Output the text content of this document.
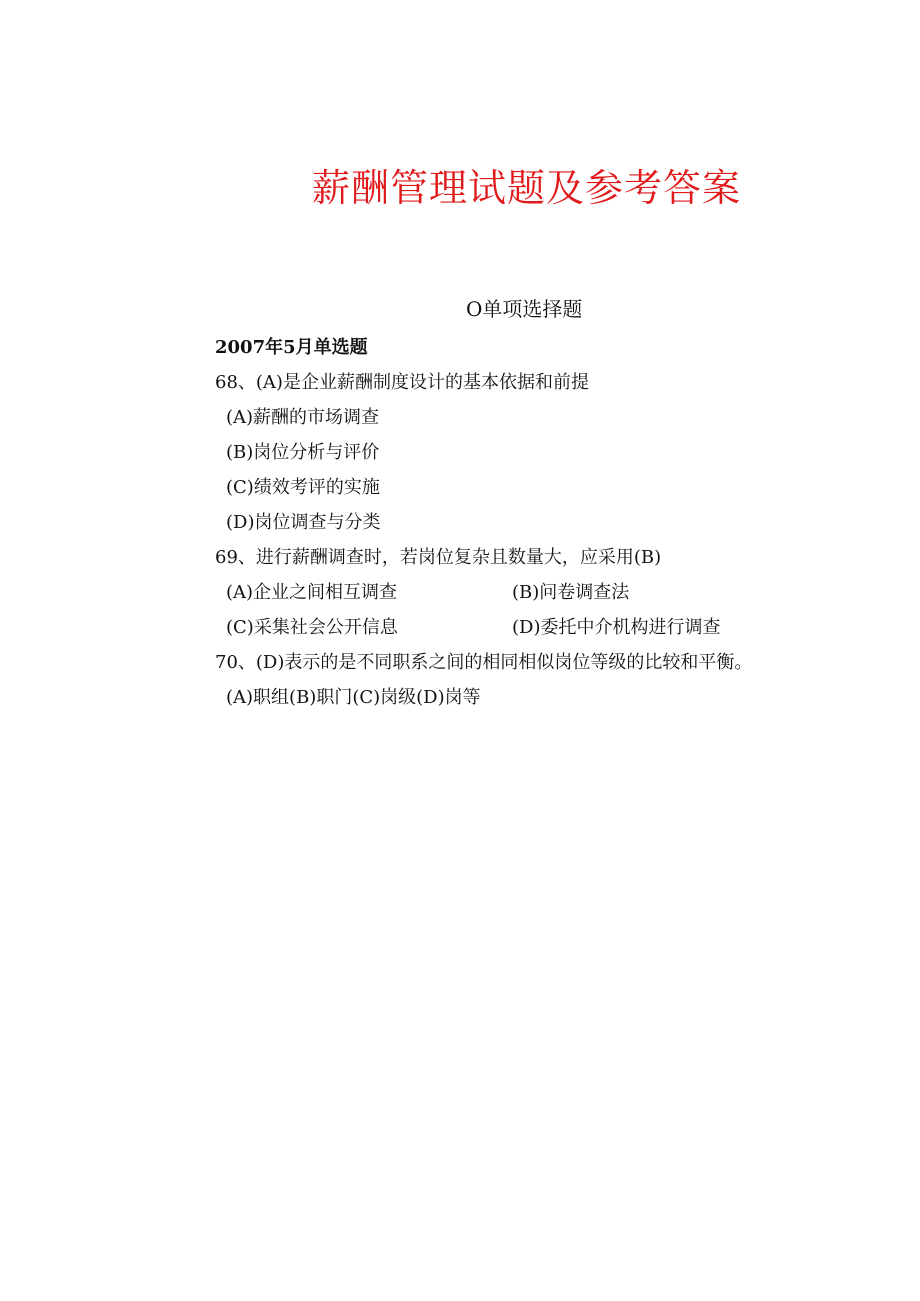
薪酬管理试题及参考答案
O单项选择题
2007年5月单选题
68、(A)是企业薪酬制度设计的基本依据和前提
(A)薪酬的市场调查
(B)岗位分析与评价
(C)绩效考评的实施
(D)岗位调查与分类
69、进行薪酬调查时，若岗位复杂且数量大，应采用(B)
(A)企业之间相互调查	(B)问卷调查法
(C)采集社会公开信息	(D)委托中介机构进行调查
70、(D)表示的是不同职系之间的相同相似岗位等级的比较和平衡。
(A)职组(B)职门(C)岗级(D)岗等
